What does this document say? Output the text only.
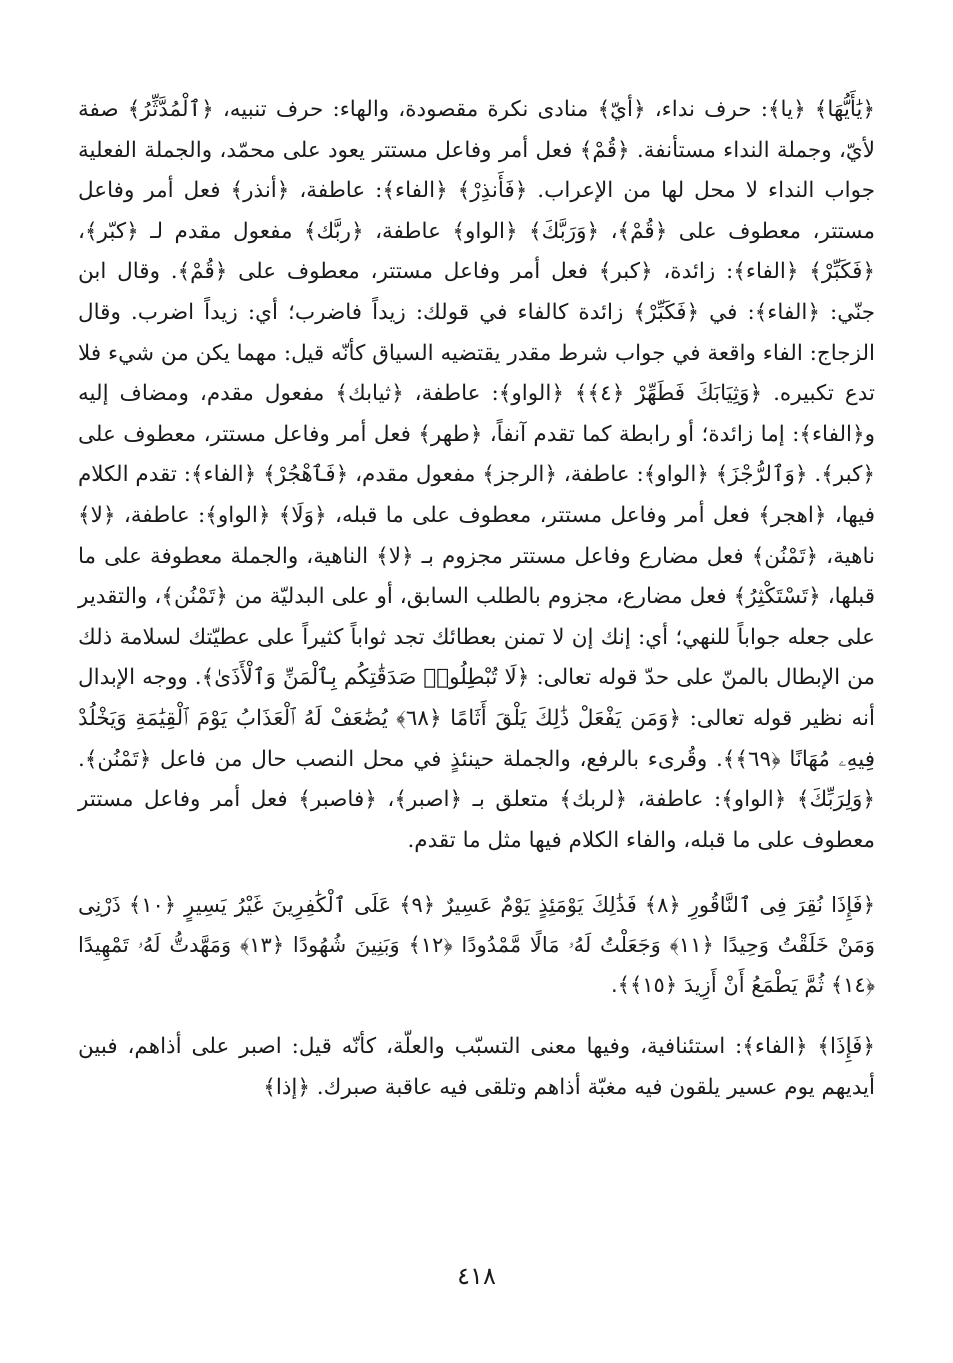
﴿يَٰأَيُّهَا﴾ ﴿يا﴾: حرف نداء، ﴿أيّ﴾ منادى نكرة مقصودة، والهاء: حرف تنبيه، ﴿ٱلْمُدَّثِّرُ﴾ صفة لأيّ، وجملة النداء مستأنفة. ﴿قُمْ﴾ فعل أمر وفاعل مستتر يعود على محمّد، والجملة الفعلية جواب النداء لا محل لها من الإعراب. ﴿فَأَنذِرْ﴾ ﴿الفاء﴾: عاطفة، ﴿أنذر﴾ فعل أمر وفاعل مستتر، معطوف على ﴿قُمْ﴾، ﴿وَرَبَّكَ﴾ ﴿الواو﴾ عاطفة، ﴿ربَّك﴾ مفعول مقدم لـ ﴿كبّر﴾، ﴿فَكَبِّرْ﴾ ﴿الفاء﴾: زائدة، ﴿كبر﴾ فعل أمر وفاعل مستتر، معطوف على ﴿قُمْ﴾. وقال ابن جنّي: ﴿الفاء﴾: في ﴿فَكَبِّرْ﴾ زائدة كالفاء في قولك: زيداً فاضرب؛ أي: زيداً اضرب. وقال الزجاج: الفاء واقعة في جواب شرط مقدر يقتضيه السياق كأنّه قيل: مهما يكن من شيء فلا تدع تكبيره. ﴿وَثِيَابَكَ فَطَهِّرْ ﴿٤﴾﴾ ﴿الواو﴾: عاطفة، ﴿ثيابك﴾ مفعول مقدم، ومضاف إليه و﴿الفاء﴾: إما زائدة؛ أو رابطة كما تقدم آنفاً، ﴿طهر﴾ فعل أمر وفاعل مستتر، معطوف على ﴿كبر﴾. ﴿وَٱلرُّجْزَ﴾ ﴿الواو﴾: عاطفة، ﴿الرجز﴾ مفعول مقدم، ﴿فَٱهْجُرْ﴾ ﴿الفاء﴾: تقدم الكلام فيها، ﴿اهجر﴾ فعل أمر وفاعل مستتر، معطوف على ما قبله، ﴿وَلَا﴾ ﴿الواو﴾: عاطفة، ﴿لا﴾ ناهية، ﴿تَمْنُن﴾ فعل مضارع وفاعل مستتر مجزوم بـ ﴿لا﴾ الناهية، والجملة معطوفة على ما قبلها، ﴿تَسْتَكْثِرُ﴾ فعل مضارع، مجزوم بالطلب السابق، أو على البدليّة من ﴿تَمْنُن﴾، والتقدير على جعله جواباً للنهي؛ أي: إنك إن لا تمنن بعطائك تجد ثواباً كثيراً على عطيّتك لسلامة ذلك من الإبطال بالمنّ على حدّ قوله تعالى: ﴿لَا تُبْطِلُوا۟ صَدَقَٰتِكُم بِٱلْمَنِّ وَٱلْأَذَىٰ﴾. ووجه الإبدال أنه نظير قوله تعالى: ﴿وَمَن يَفْعَلْ ذَٰلِكَ يَلْقَ أَثَامًا ﴿٦٨﴾ يُضَٰعَفْ لَهُ ٱلْعَذَابُ يَوْمَ ٱلْقِيَٰمَةِ وَيَخْلُدْ فِيهِۦ مُهَانًا ﴿٦٩﴾﴾. وقُرىء بالرفع، والجملة حينئذٍ في محل النصب حال من فاعل ﴿تَمْنُن﴾. ﴿وَلِرَبِّكَ﴾ ﴿الواو﴾: عاطفة، ﴿لربك﴾ متعلق بـ ﴿اصبر﴾، ﴿فاصبر﴾ فعل أمر وفاعل مستتر معطوف على ما قبله، والفاء الكلام فيها مثل ما تقدم.

﴿فَإِذَا نُقِرَ فِى ٱلنَّاقُورِ ﴿٨﴾ فَذَٰلِكَ يَوْمَئِذٍ يَوْمٌ عَسِيرٌ ﴿٩﴾ عَلَى ٱلْكَٰفِرِينَ غَيْرُ يَسِيرٍ ﴿١٠﴾ ذَرْنِى وَمَنْ خَلَقْتُ وَحِيدًا ﴿١١﴾ وَجَعَلْتُ لَهُۥ مَالًا مَّمْدُودًا ﴿١٢﴾ وَبَنِينَ شُهُودًا ﴿١٣﴾ وَمَهَّدتُّ لَهُۥ تَمْهِيدًا ﴿١٤﴾ ثُمَّ يَطْمَعُ أَنْ أَزِيدَ ﴿١٥﴾﴾.

﴿فَإِذَا﴾ ﴿الفاء﴾: استئنافية، وفيها معنى التسبّب والعلّة، كأنّه قيل: اصبر على أذاهم، فبين أيديهم يوم عسير يلقون فيه مغبّة أذاهم وتلقى فيه عاقبة صبرك. ﴿إذا﴾

٤١٨
